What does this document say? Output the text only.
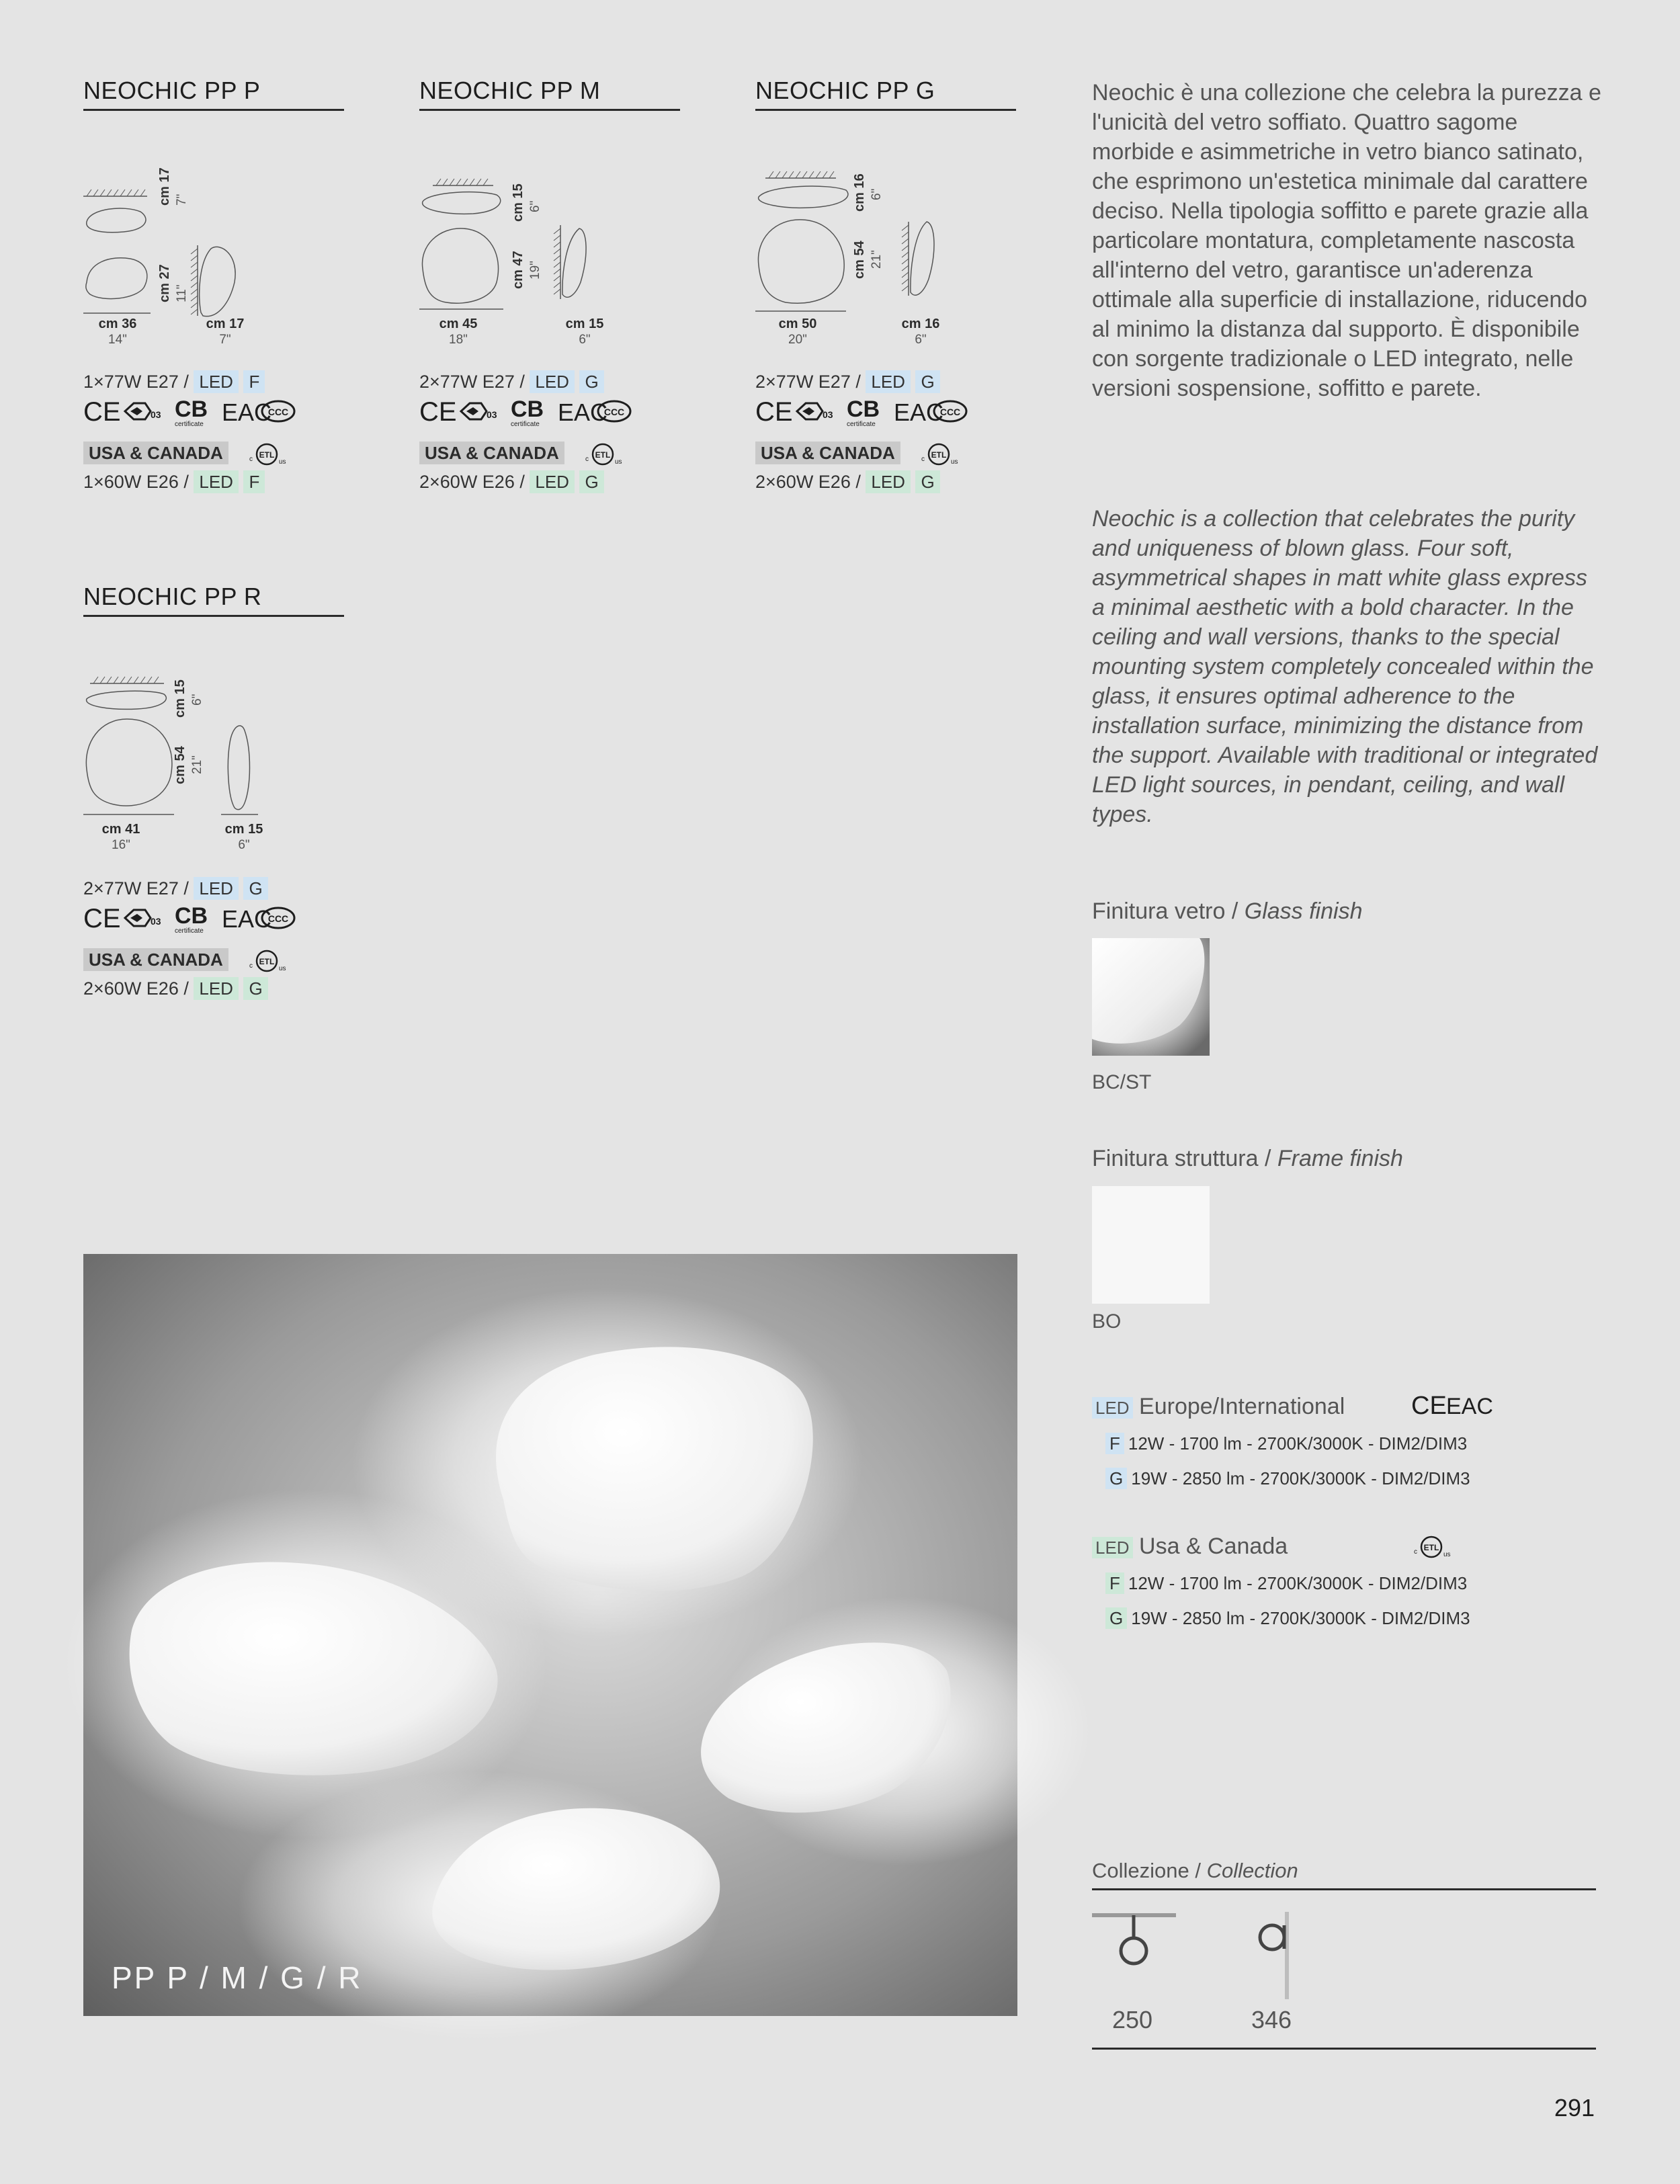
NEOCHIC PP P
cm 17 7"
cm 27 11"
cm 36
14"
cm 17
7"
1×77W E27 / LED F
CE	03 CB
certificate EAC
CCC
USA & CANADA	c ETL
us
1×60W E26 / LED F
NEOCHIC PP M
cm 15 6"
cm 47 19"
cm 45
18"
cm 15
6"
2×77W E27 / LED G
CE	03 CB
certificate EAC
CCC
USA & CANADA	c ETL
us
2×60W E26 / LED G
NEOCHIC PP G
cm 16 6"
cm 54 21"
cm 50
20"
cm 16
6"
2×77W E27 / LED G
CE	03 CB
certificate EAC
CCC
USA & CANADA	c ETL
us
2×60W E26 / LED G
NEOCHIC PP R
cm 15 6"
cm 54 21"
cm 41
16"
cm 15
6"
2×77W E27 / LED G
CE	03 CB
certificate EAC
CCC
USA & CANADA	c ETL
us
2×60W E26 / LED G
Neochic è una collezione che celebra la purezza e l'unicità del vetro soffiato. Quattro sagome morbide e asimmetriche in vetro bianco satinato, che esprimono un'estetica minimale dal carattere deciso. Nella tipologia soffitto e parete grazie alla particolare montatura, completamente nascosta all'interno del vetro, garantisce un'aderenza ottimale alla superficie di installazione, riducendo al minimo la distanza dal supporto. È disponibile con sorgente tradizionale o LED integrato, nelle versioni sospensione, soffitto e parete.
Neochic is a collection that celebrates the purity and uniqueness of blown glass. Four soft, asymmetrical shapes in matt white glass express a minimal aesthetic with a bold character. In the ceiling and wall versions, thanks to the special mounting system completely concealed within the glass, it ensures optimal adherence to the installation surface, minimizing the distance from the support. Available with traditional or integrated LED light sources, in pendant, ceiling, and wall types.
Finitura vetro / Glass finish
BC/ST
Finitura struttura / Frame finish
BO
LED Europe/International	CE EAC
F 12W - 1700 lm - 2700K/3000K - DIM2/DIM3
G 19W - 2850 lm - 2700K/3000K - DIM2/DIM3
LED Usa & Canada	c ETL
us
F 12W - 1700 lm - 2700K/3000K - DIM2/DIM3
G 19W - 2850 lm - 2700K/3000K - DIM2/DIM3
PP P / M / G / R
Collezione / Collection
250	346
291
